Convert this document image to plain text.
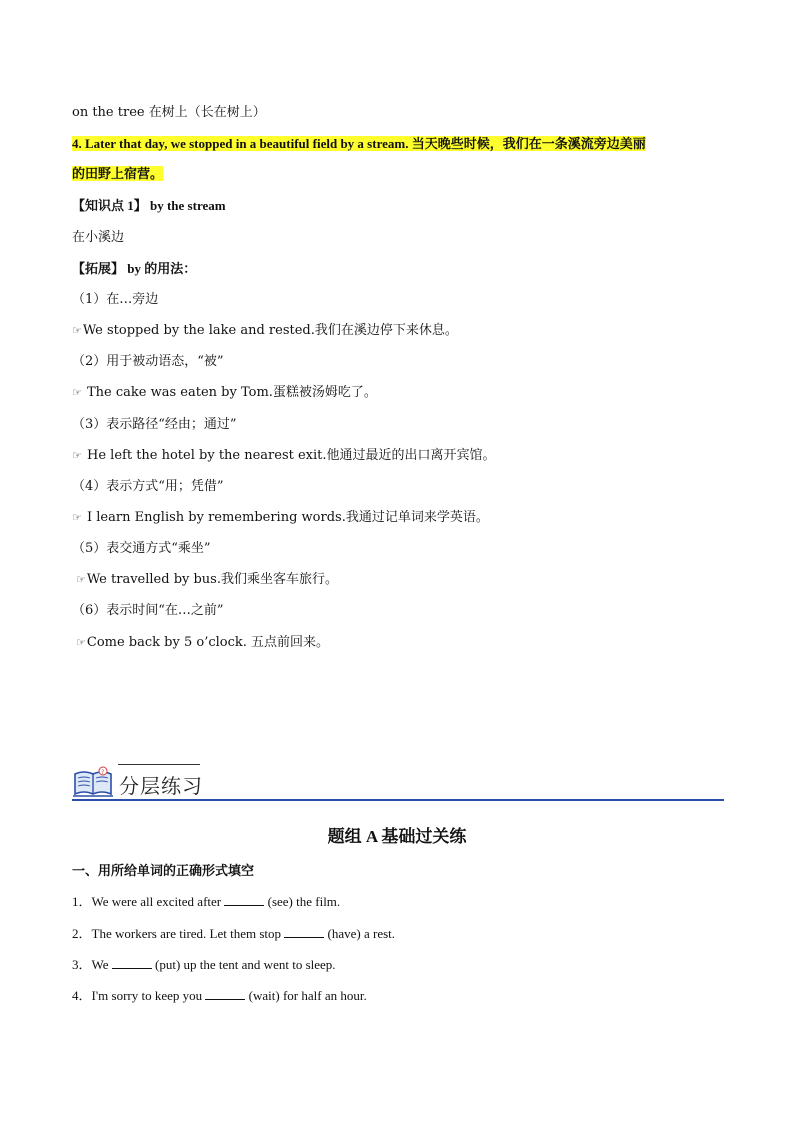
on the tree 在树上（长在树上）
4. Later that day, we stopped in a beautiful field by a stream. 当天晚些时候，我们在一条溪流旁边美丽
的田野上宿营。
【知识点 1】 by the stream
在小溪边
【拓展】 by 的用法：
（1）在…旁边
☞We stopped by the lake and rested.我们在溪边停下来休息。
（2）用于被动语态，“被”
☞ The cake was eaten by Tom.蛋糕被汤姆吃了。
（3）表示路径“经由；通过”
☞ He left the hotel by the nearest exit.他通过最近的出口离开宾馆。
（4）表示方式“用；凭借”
☞ I learn English by remembering words.我通过记单词来学英语。
（5）表交通方式“乘坐”
☞We travelled by bus.我们乘坐客车旅行。
（6）表示时间“在…之前”
☞Come back by 5 o’clock. 五点前回来。
?
分层练习
题组 A 基础过关练
一、用所给单词的正确形式填空
1．We were all excited after	(see) the film.
2．The workers are tired. Let them stop	(have) a rest.
3．We	(put) up the tent and went to sleep.
4．I'm sorry to keep you	(wait) for half an hour.
